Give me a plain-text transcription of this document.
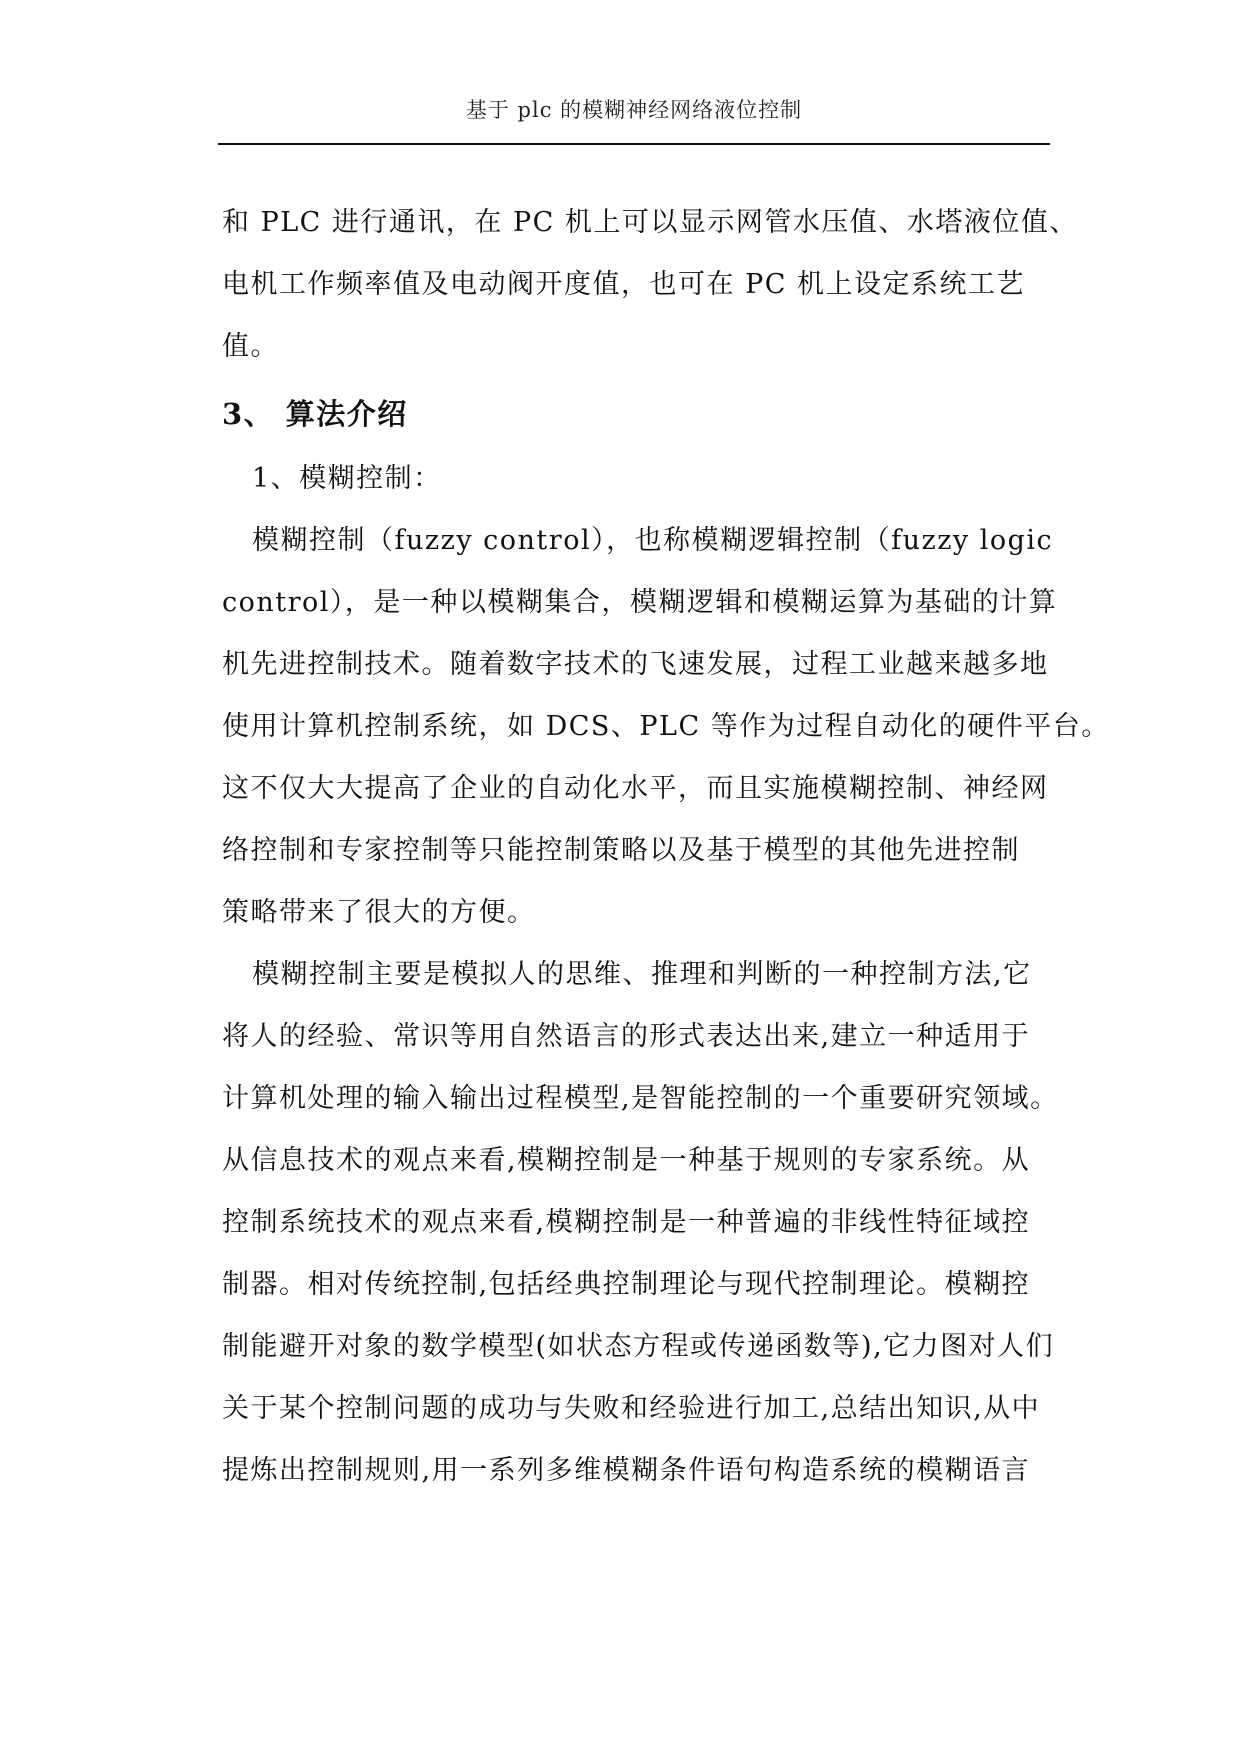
基于 plc 的模糊神经网络液位控制

和 PLC 进行通讯，在 PC 机上可以显示网管水压值、水塔液位值、

电机工作频率值及电动阀开度值，也可在 PC 机上设定系统工艺

值。

3、 算法介绍

1、模糊控制：

模糊控制（fuzzy control），也称模糊逻辑控制（fuzzy logic

control），是一种以模糊集合，模糊逻辑和模糊运算为基础的计算

机先进控制技术。随着数字技术的飞速发展，过程工业越来越多地

使用计算机控制系统，如 DCS、PLC 等作为过程自动化的硬件平台。

这不仅大大提高了企业的自动化水平，而且实施模糊控制、神经网

络控制和专家控制等只能控制策略以及基于模型的其他先进控制

策略带来了很大的方便。

模糊控制主要是模拟人的思维、推理和判断的一种控制方法,它

将人的经验、常识等用自然语言的形式表达出来,建立一种适用于

计算机处理的输入输出过程模型,是智能控制的一个重要研究领域。

从信息技术的观点来看,模糊控制是一种基于规则的专家系统。从

控制系统技术的观点来看,模糊控制是一种普遍的非线性特征域控

制器。相对传统控制,包括经典控制理论与现代控制理论。模糊控

制能避开对象的数学模型(如状态方程或传递函数等),它力图对人们

关于某个控制问题的成功与失败和经验进行加工,总结出知识,从中

提炼出控制规则,用一系列多维模糊条件语句构造系统的模糊语言
